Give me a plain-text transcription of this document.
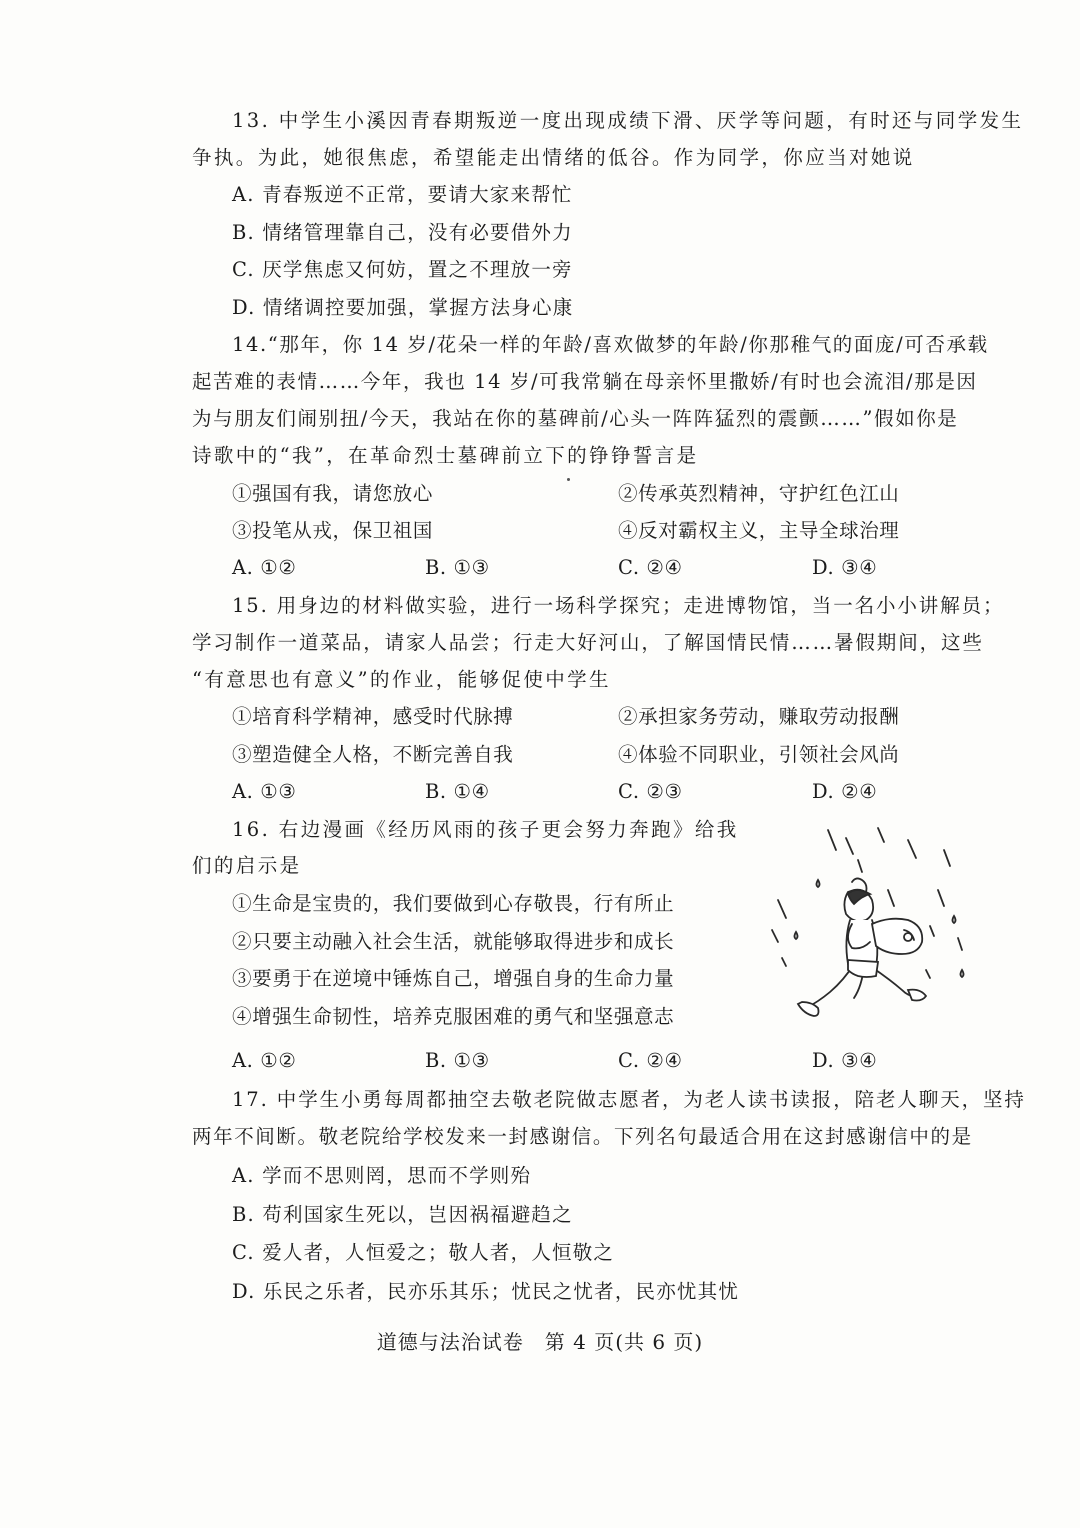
13. 中学生小溪因青春期叛逆一度出现成绩下滑、厌学等问题，有时还与同学发生
争执。为此，她很焦虑，希望能走出情绪的低谷。作为同学，你应当对她说
A. 青春叛逆不正常，要请大家来帮忙
B. 情绪管理靠自己，没有必要借外力
C. 厌学焦虑又何妨，置之不理放一旁
D. 情绪调控要加强，掌握方法身心康
14.“那年，你 14 岁/花朵一样的年龄/喜欢做梦的年龄/你那稚气的面庞/可否承载
起苦难的表情……今年，我也 14 岁/可我常躺在母亲怀里撒娇/有时也会流泪/那是因
为与朋友们闹别扭/今天，我站在你的墓碑前/心头一阵阵猛烈的震颤……”假如你是
诗歌中的“我”，在革命烈士墓碑前立下的铮铮誓言是
①强国有我，请您放心	②传承英烈精神，守护红色江山
③投笔从戎，保卫祖国	④反对霸权主义，主导全球治理
A. ①②	B. ①③	C. ②④	D. ③④
15. 用身边的材料做实验，进行一场科学探究；走进博物馆，当一名小小讲解员；
学习制作一道菜品，请家人品尝；行走大好河山，了解国情民情……暑假期间，这些
“有意思也有意义”的作业，能够促使中学生
①培育科学精神，感受时代脉搏	②承担家务劳动，赚取劳动报酬
③塑造健全人格，不断完善自我	④体验不同职业，引领社会风尚
A. ①③	B. ①④	C. ②③	D. ②④
16. 右边漫画《经历风雨的孩子更会努力奔跑》给我
们的启示是
①生命是宝贵的，我们要做到心存敬畏，行有所止
②只要主动融入社会生活，就能够取得进步和成长
③要勇于在逆境中锤炼自己，增强自身的生命力量
④增强生命韧性，培养克服困难的勇气和坚强意志
A. ①②	B. ①③	C. ②④	D. ③④
17. 中学生小勇每周都抽空去敬老院做志愿者，为老人读书读报，陪老人聊天，坚持
两年不间断。敬老院给学校发来一封感谢信。下列名句最适合用在这封感谢信中的是
A. 学而不思则罔，思而不学则殆
B. 苟利国家生死以，岂因祸福避趋之
C. 爱人者，人恒爱之；敬人者，人恒敬之
D. 乐民之乐者，民亦乐其乐；忧民之忧者，民亦忧其忧
道德与法治试卷　第 4 页(共 6 页)
